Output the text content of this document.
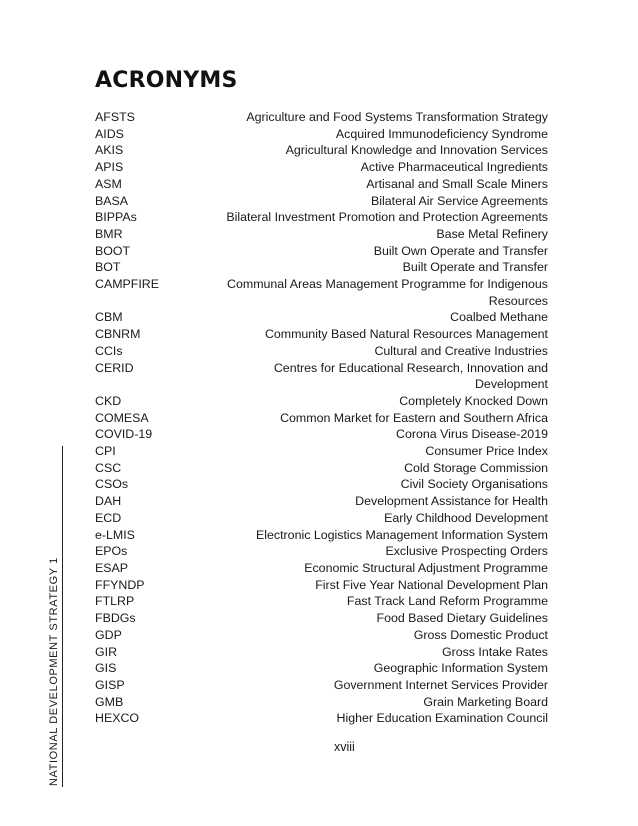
ACRONYMS
AFSTS	Agriculture and Food Systems Transformation Strategy
AIDS	Acquired Immunodeficiency Syndrome
AKIS	Agricultural Knowledge and Innovation Services
APIS	Active Pharmaceutical Ingredients
ASM	Artisanal and Small Scale Miners
BASA	Bilateral Air Service Agreements
BIPPAs	Bilateral Investment Promotion and Protection Agreements
BMR	Base Metal Refinery
BOOT	Built Own Operate and Transfer
BOT	Built Operate and Transfer
CAMPFIRE	Communal Areas Management Programme for Indigenous Resources
CBM	Coalbed Methane
CBNRM	Community Based Natural Resources Management
CCIs	Cultural and Creative Industries
CERID	Centres for Educational Research, Innovation and Development
CKD	Completely Knocked Down
COMESA	Common Market for Eastern and Southern Africa
COVID-19	Corona Virus Disease-2019
CPI	Consumer Price Index
CSC	Cold Storage Commission
CSOs	Civil Society Organisations
DAH	Development Assistance for Health
ECD	Early Childhood Development
e-LMIS	Electronic Logistics Management Information System
EPOs	Exclusive Prospecting Orders
ESAP	Economic Structural Adjustment Programme
FFYNDP	First Five Year National Development Plan
FTLRP	Fast Track Land Reform Programme
FBDGs	Food Based Dietary Guidelines
GDP	Gross Domestic Product
GIR	Gross Intake Rates
GIS	Geographic Information System
GISP	Government Internet Services Provider
GMB	Grain Marketing Board
HEXCO	Higher Education Examination Council
NATIONAL DEVELOPMENT STRATEGY 1	xviii
